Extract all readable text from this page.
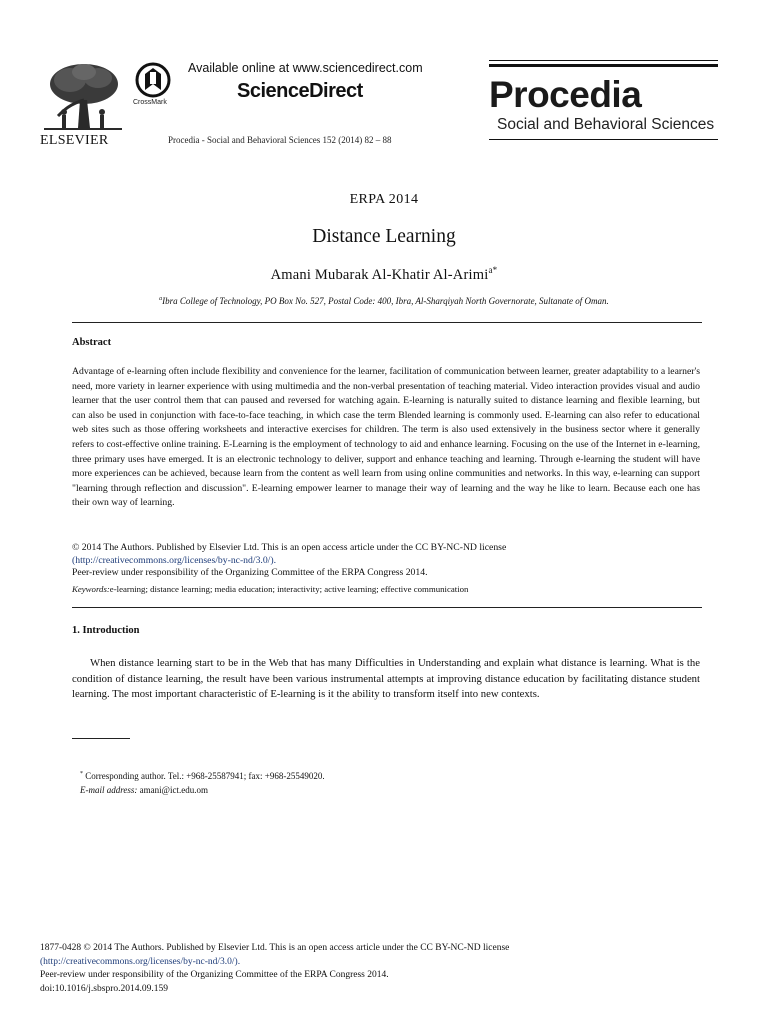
ELSEVIER
CrossMark
Available online at www.sciencedirect.com
ScienceDirect
Procedia - Social and Behavioral Sciences 152 (2014) 82 – 88
Procedia
Social and Behavioral Sciences
ERPA 2014
Distance Learning
Amani Mubarak Al-Khatir Al-Arimi$^{a*}$
$^a$Ibra College of Technology, PO Box No. 527, Postal Code: 400, Ibra, Al-Sharqiyah North Governorate, Sultanate of Oman.
Abstract

Advantage of e-learning often include flexibility and convenience for the learner, facilitation of communication between learner, greater adaptability to a learner's need, more variety in learner experience with using multimedia and the non-verbal presentation of teaching material. Video interaction provides visual and audio learner that the user control them that can paused and reversed for watching again. E-learning is naturally suited to distance learning and flexible learning, but can also be used in conjunction with face-to-face teaching, in which case the term Blended learning is commonly used. E-learning can also refer to educational web sites such as those offering worksheets and interactive exercises for children. The term is also used extensively in the business sector where it generally refers to cost-effective online training. E-Learning is the employment of technology to aid and enhance learning. Focusing on the use of the Internet in e-learning, three primary uses have emerged. It is an electronic technology to deliver, support and enhance teaching and learning. Through e-learning the student will have more experiences can be achieved, because learn from the content as well learn from using online communities and networks. In this way, e-learning can support "learning through reflection and discussion". E-learning empower learner to manage their way of learning and the way he like to learn. Because each one has their own way of learning.

© 2014 The Authors. Published by Elsevier Ltd. This is an open access article under the CC BY-NC-ND license
(http://creativecommons.org/licenses/by-nc-nd/3.0/).
Peer-review under responsibility of the Organizing Committee of the ERPA Congress 2014.
Keywords:e-learning; distance learning; media education; interactivity; active learning; effective communication
1. Introduction
When distance learning start to be in the Web that has many Difficulties in Understanding and explain what distance is learning. What is the condition of distance learning, the result have been various instrumental attempts at improving distance education by facilitating distance student learning. The most important characteristic of E-learning is it the ability to transform itself into new contexts.
* Corresponding author. Tel.: +968-25587941; fax: +968-25549020.
E-mail address: amani@ict.edu.om
1877-0428 © 2014 The Authors. Published by Elsevier Ltd. This is an open access article under the CC BY-NC-ND license
(http://creativecommons.org/licenses/by-nc-nd/3.0/).
Peer-review under responsibility of the Organizing Committee of the ERPA Congress 2014.
doi:10.1016/j.sbspro.2014.09.159
